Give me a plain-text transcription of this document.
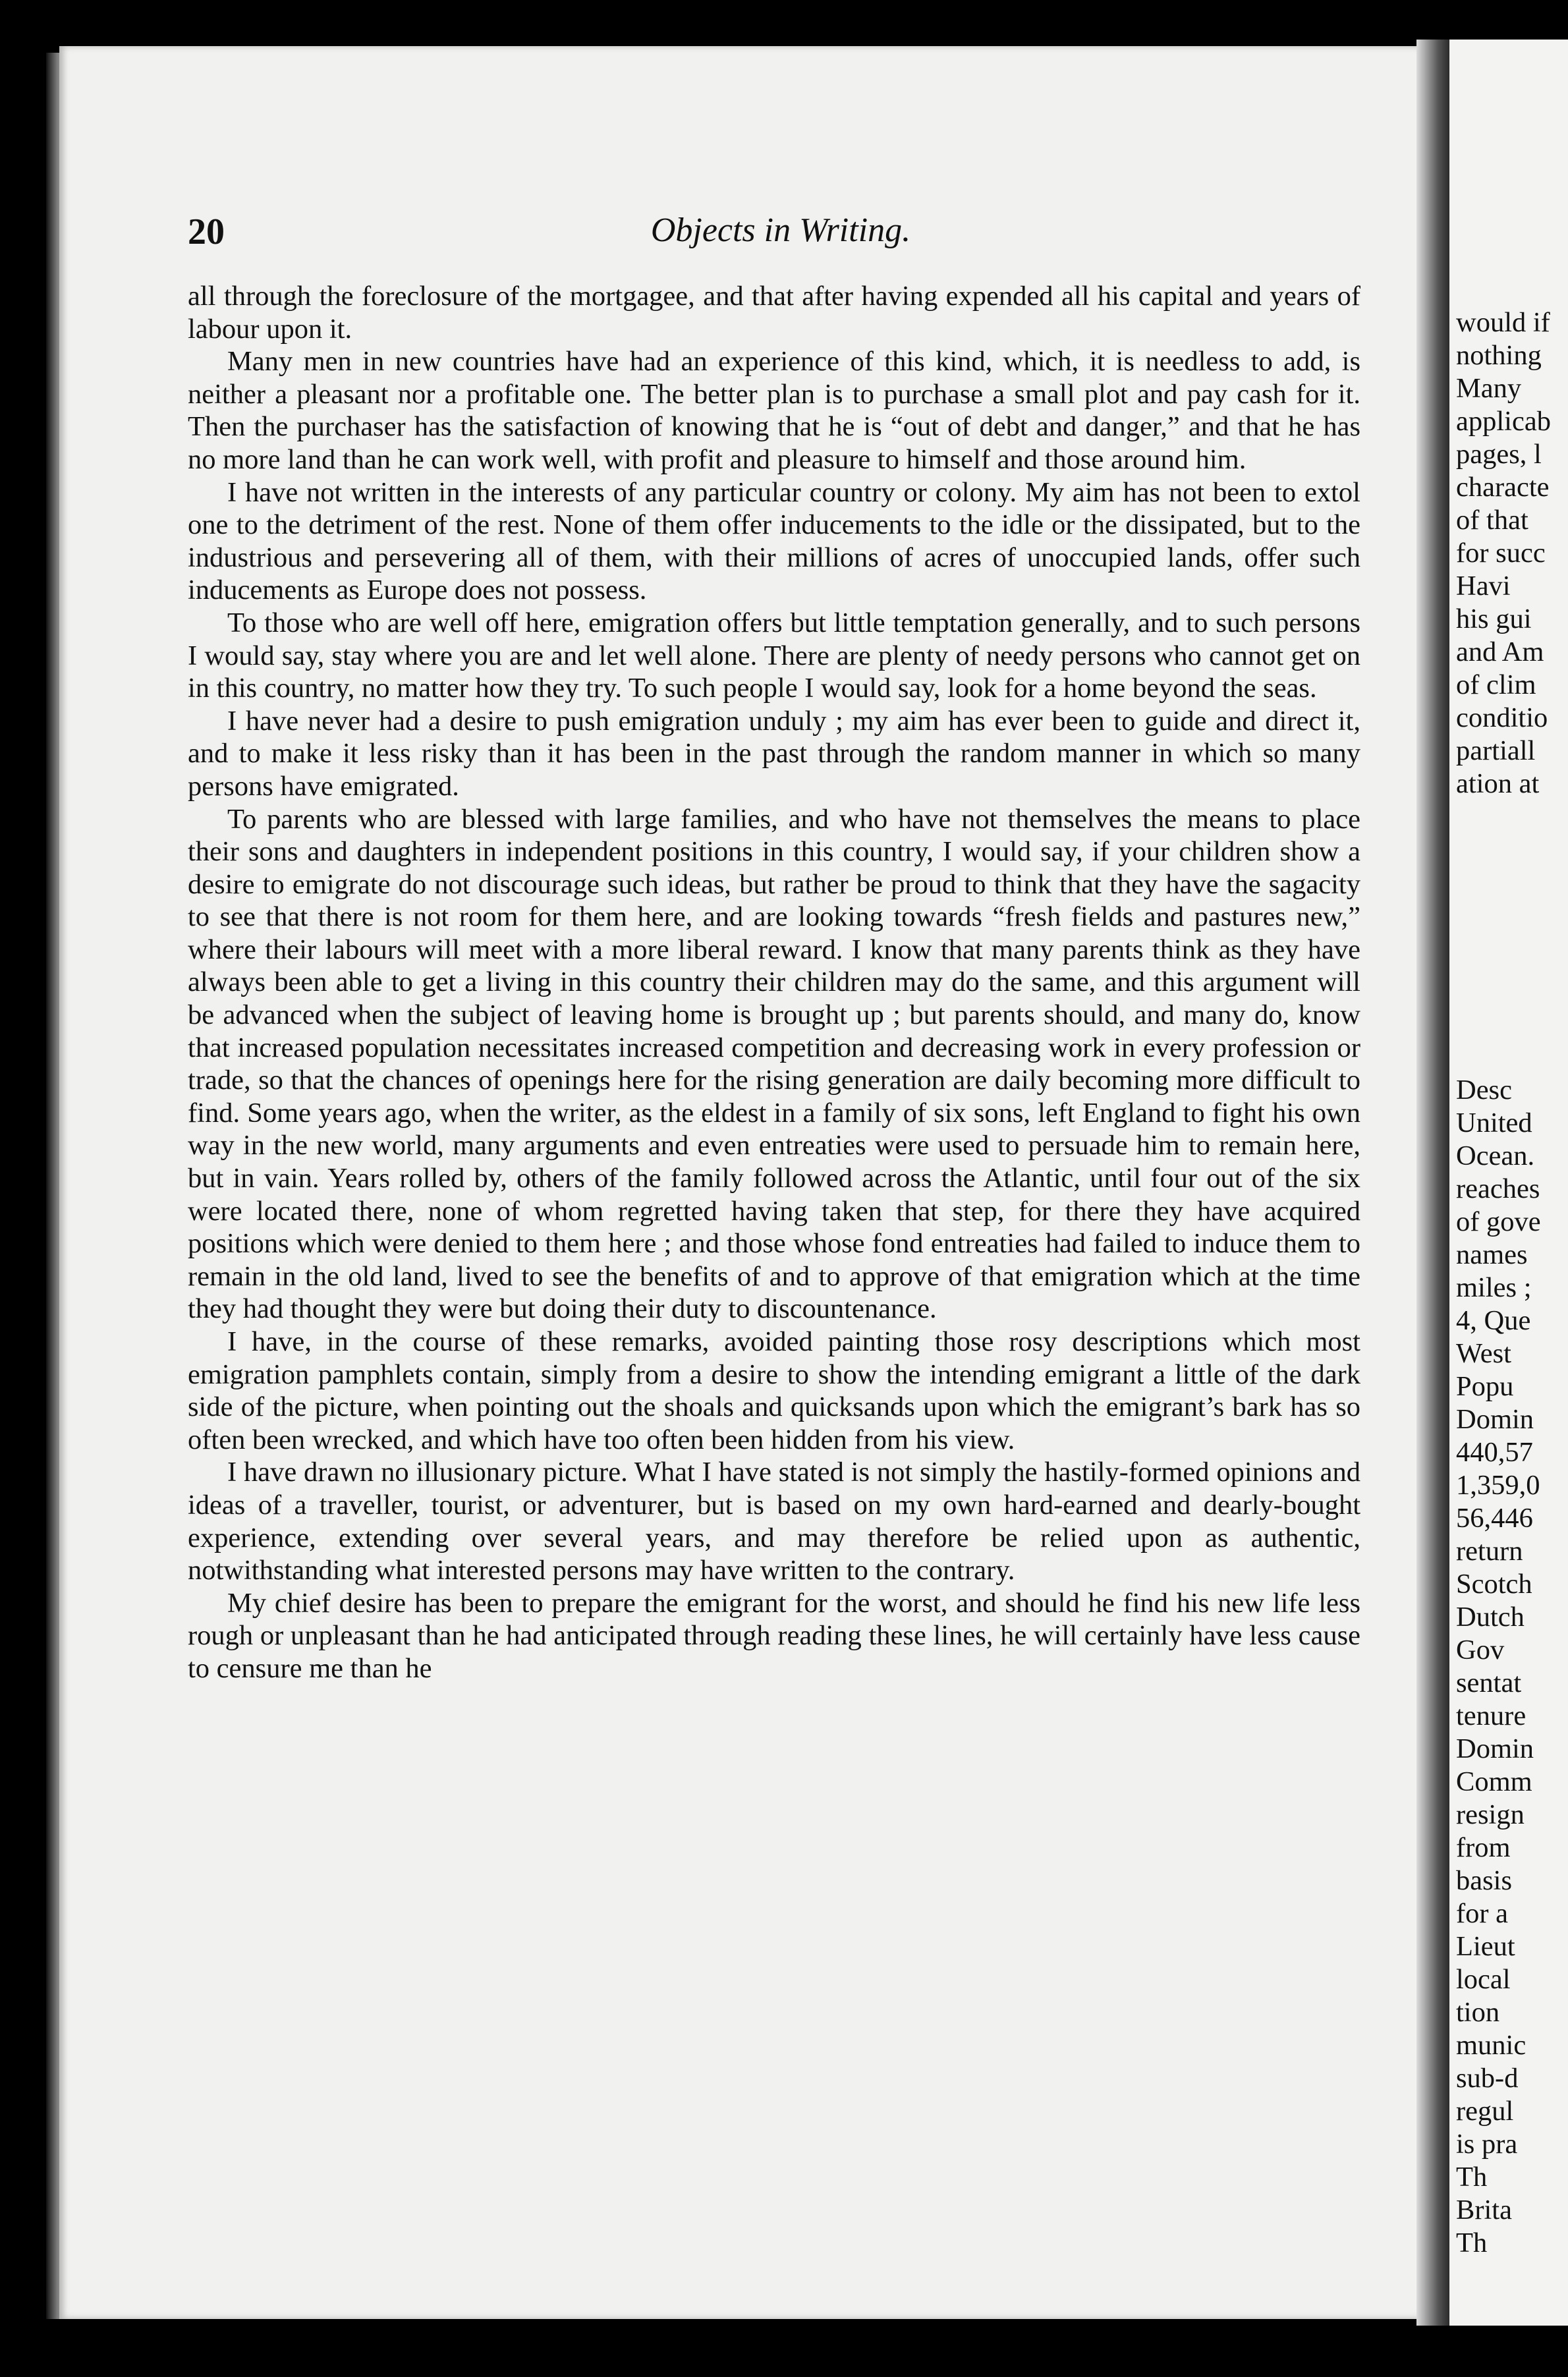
20	Objects in Writing.

all through the foreclosure of the mortgagee, and that after having expended all his capital and years of labour upon it.

Many men in new countries have had an experience of this kind, which, it is needless to add, is neither a pleasant nor a profitable one. The better plan is to purchase a small plot and pay cash for it. Then the purchaser has the satisfaction of knowing that he is “out of debt and danger,” and that he has no more land than he can work well, with profit and pleasure to himself and those around him.

I have not written in the interests of any particular country or colony. My aim has not been to extol one to the detriment of the rest. None of them offer inducements to the idle or the dissipated, but to the industrious and persevering all of them, with their millions of acres of unoccupied lands, offer such inducements as Europe does not possess.

To those who are well off here, emigration offers but little temptation generally, and to such persons I would say, stay where you are and let well alone. There are plenty of needy persons who cannot get on in this country, no matter how they try. To such people I would say, look for a home beyond the seas.

I have never had a desire to push emigration unduly ; my aim has ever been to guide and direct it, and to make it less risky than it has been in the past through the random manner in which so many persons have emigrated.

To parents who are blessed with large families, and who have not themselves the means to place their sons and daughters in independent positions in this country, I would say, if your children show a desire to emigrate do not discourage such ideas, but rather be proud to think that they have the sagacity to see that there is not room for them here, and are looking towards “fresh fields and pastures new,” where their labours will meet with a more liberal reward. I know that many parents think as they have always been able to get a living in this country their children may do the same, and this argument will be advanced when the subject of leaving home is brought up ; but parents should, and many do, know that increased population necessitates increased competition and decreasing work in every profession or trade, so that the chances of openings here for the rising generation are daily becoming more difficult to find. Some years ago, when the writer, as the eldest in a family of six sons, left England to fight his own way in the new world, many arguments and even entreaties were used to persuade him to remain here, but in vain. Years rolled by, others of the family followed across the Atlantic, until four out of the six were located there, none of whom regretted having taken that step, for there they have acquired positions which were denied to them here ; and those whose fond entreaties had failed to induce them to remain in the old land, lived to see the benefits of and to approve of that emigration which at the time they had thought they were but doing their duty to discountenance.

I have, in the course of these remarks, avoided painting those rosy descriptions which most emigration pamphlets contain, simply from a desire to show the intending emigrant a little of the dark side of the picture, when pointing out the shoals and quicksands upon which the emigrant’s bark has so often been wrecked, and which have too often been hidden from his view.

I have drawn no illusionary picture. What I have stated is not simply the hastily-formed opinions and ideas of a traveller, tourist, or adventurer, but is based on my own hard-earned and dearly-bought experience, extending over several years, and may therefore be relied upon as authentic, notwithstanding what interested persons may have written to the contrary.

My chief desire has been to prepare the emigrant for the worst, and should he find his new life less rough or unpleasant than he had anticipated through reading these lines, he will certainly have less cause to censure me than he

would if
nothing
Many
applicab
pages, l
characte
of that
for succ
Havi
his gui
and Am
of clim
conditio
partiall
ation at
Desc
United
Ocean.
reaches
of gove
names
miles ;
4, Que
West
Popu
Domin
440,57
1,359,0
56,446
return
Scotch
Dutch
Gov
sentat
tenure
Domin
Comm
resign
from
basis
for a
Lieut
local
tion
munic
sub-d
regul
is pra
Th
Brita
Th
